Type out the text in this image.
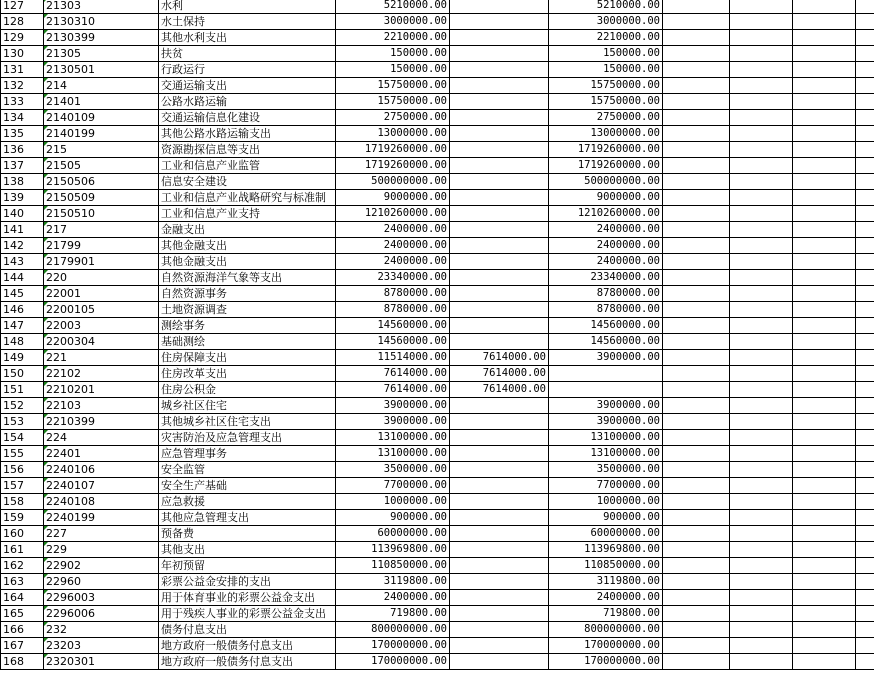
127	21303	水利	5210000.00		5210000.00				
128	2130310	水土保持	3000000.00		3000000.00				
129	2130399	其他水利支出	2210000.00		2210000.00				
130	21305	扶贫	150000.00		150000.00				
131	2130501	行政运行	150000.00		150000.00				
132	214	交通运输支出	15750000.00		15750000.00				
133	21401	公路水路运输	15750000.00		15750000.00				
134	2140109	交通运输信息化建设	2750000.00		2750000.00				
135	2140199	其他公路水路运输支出	13000000.00		13000000.00				
136	215	资源勘探信息等支出	1719260000.00		1719260000.00				
137	21505	工业和信息产业监管	1719260000.00		1719260000.00				
138	2150506	信息安全建设	500000000.00		500000000.00				
139	2150509	工业和信息产业战略研究与标准制	9000000.00		9000000.00				
140	2150510	工业和信息产业支持	1210260000.00		1210260000.00				
141	217	金融支出	2400000.00		2400000.00				
142	21799	其他金融支出	2400000.00		2400000.00				
143	2179901	其他金融支出	2400000.00		2400000.00				
144	220	自然资源海洋气象等支出	23340000.00		23340000.00				
145	22001	自然资源事务	8780000.00		8780000.00				
146	2200105	土地资源调查	8780000.00		8780000.00				
147	22003	测绘事务	14560000.00		14560000.00				
148	2200304	基础测绘	14560000.00		14560000.00				
149	221	住房保障支出	11514000.00	7614000.00	3900000.00				
150	22102	住房改革支出	7614000.00	7614000.00					
151	2210201	住房公积金	7614000.00	7614000.00					
152	22103	城乡社区住宅	3900000.00		3900000.00				
153	2210399	其他城乡社区住宅支出	3900000.00		3900000.00				
154	224	灾害防治及应急管理支出	13100000.00		13100000.00				
155	22401	应急管理事务	13100000.00		13100000.00				
156	2240106	安全监管	3500000.00		3500000.00				
157	2240107	安全生产基础	7700000.00		7700000.00				
158	2240108	应急救援	1000000.00		1000000.00				
159	2240199	其他应急管理支出	900000.00		900000.00				
160	227	预备费	60000000.00		60000000.00				
161	229	其他支出	113969800.00		113969800.00				
162	22902	年初预留	110850000.00		110850000.00				
163	22960	彩票公益金安排的支出	3119800.00		3119800.00				
164	2296003	用于体育事业的彩票公益金支出	2400000.00		2400000.00				
165	2296006	用于残疾人事业的彩票公益金支出	719800.00		719800.00				
166	232	债务付息支出	800000000.00		800000000.00				
167	23203	地方政府一般债务付息支出	170000000.00		170000000.00				
168	2320301	地方政府一般债务付息支出	170000000.00		170000000.00				
